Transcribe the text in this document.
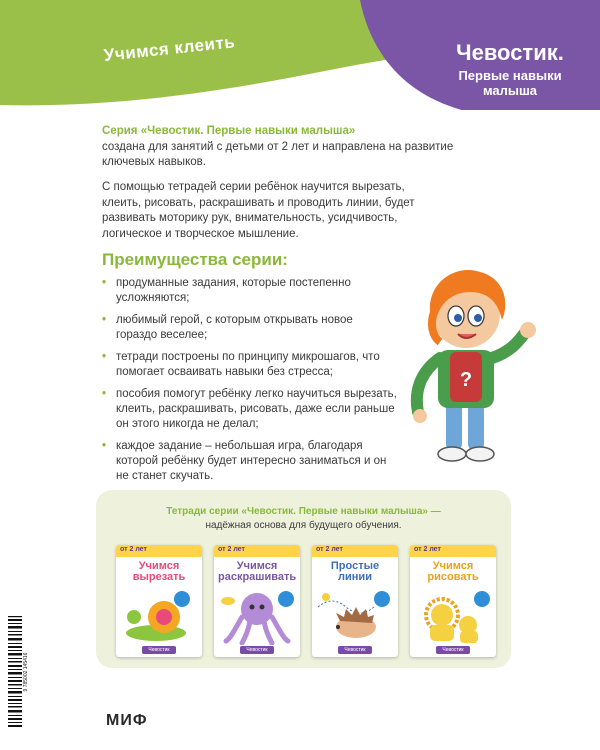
Учимся клеить	Чевостик.
Первые навыки малыша
Серия «Чевостик. Первые навыки малыша»
создана для занятий с детьми от 2 лет и направлена на развитие ключевых навыков.
С помощью тетрадей серии ребёнок научится вырезать, клеить, рисовать, раскрашивать и проводить линии, будет развивать моторику рук, внимательность, усидчивость, логическое и творческое мышление.
Преимущества серии:
• продуманные задания, которые постепенно усложняются;
• любимый герой, с которым открывать новое гораздо веселее;
• тетради построены по принципу микрошагов, что помогает осваивать навыки без стресса;
• пособия помогут ребёнку легко научиться вырезать, клеить, раскрашивать, рисовать, даже если раньше он этого никогда не делал;
• каждое задание – небольшая игра, благодаря которой ребёнку будет интересно заниматься и он не станет скучать.
?
Тетради серии «Чевостик. Первые навыки малыша» —
надёжная основа для будущего обучения.
от 2 лет
Учимся вырезать
Чевостик
от 2 лет
Учимся раскрашивать
Чевостик
от 2 лет
Простые линии
Чевостик
от 2 лет
Учимся рисовать
Чевостик
9 785002 145416
МИФ
